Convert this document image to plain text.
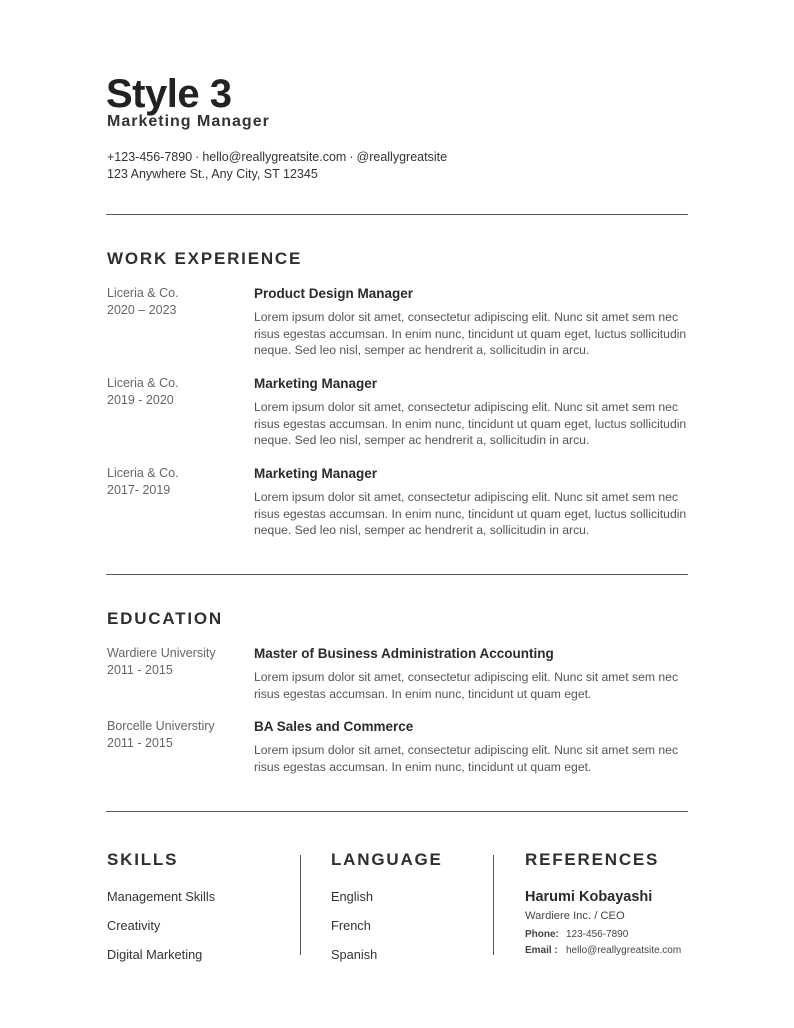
Style 3
Marketing Manager
+123-456-7890 · hello@reallygreatsite.com · @reallygreatsite
123 Anywhere St., Any City, ST 12345
WORK EXPERIENCE
Liceria & Co.
2020 – 2023
Product Design Manager
Lorem ipsum dolor sit amet, consectetur adipiscing elit. Nunc sit amet sem nec risus egestas accumsan. In enim nunc, tincidunt ut quam eget, luctus sollicitudin neque. Sed leo nisl, semper ac hendrerit a, sollicitudin in arcu.
Liceria & Co.
2019 - 2020
Marketing Manager
Lorem ipsum dolor sit amet, consectetur adipiscing elit. Nunc sit amet sem nec risus egestas accumsan. In enim nunc, tincidunt ut quam eget, luctus sollicitudin neque. Sed leo nisl, semper ac hendrerit a, sollicitudin in arcu.
Liceria & Co.
2017- 2019
Marketing Manager
Lorem ipsum dolor sit amet, consectetur adipiscing elit. Nunc sit amet sem nec risus egestas accumsan. In enim nunc, tincidunt ut quam eget, luctus sollicitudin neque. Sed leo nisl, semper ac hendrerit a, sollicitudin in arcu.
EDUCATION
Wardiere University
2011 - 2015
Master of Business Administration Accounting
Lorem ipsum dolor sit amet, consectetur adipiscing elit. Nunc sit amet sem nec risus egestas accumsan. In enim nunc, tincidunt ut quam eget.
Borcelle Universtiry
2011 - 2015
BA Sales and Commerce
Lorem ipsum dolor sit amet, consectetur adipiscing elit. Nunc sit amet sem nec risus egestas accumsan. In enim nunc, tincidunt ut quam eget.
SKILLS
Management Skills
Creativity
Digital Marketing
LANGUAGE
English
French
Spanish
REFERENCES
Harumi Kobayashi
Wardiere Inc. / CEO
Phone: 123-456-7890
Email : hello@reallygreatsite.com
